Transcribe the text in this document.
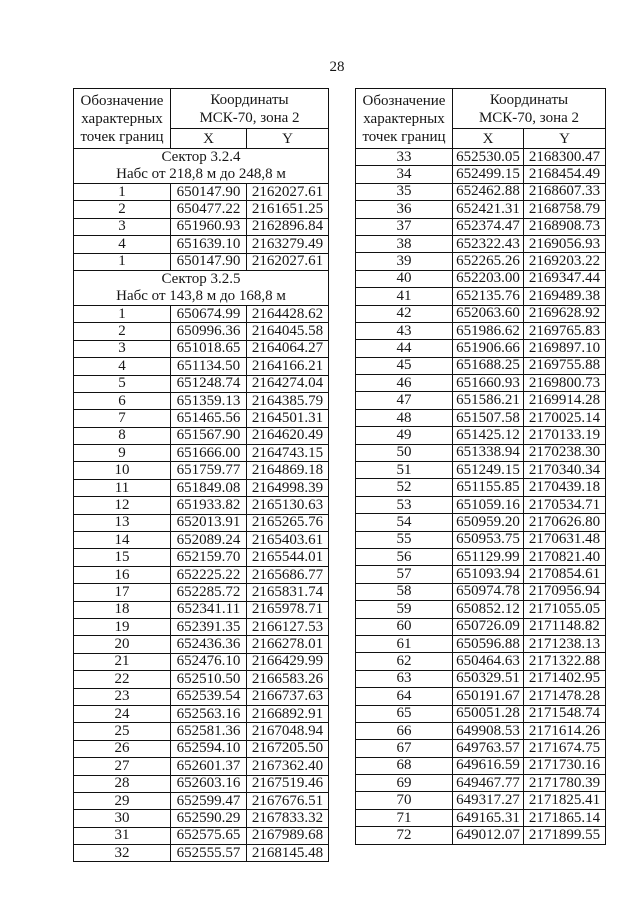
28
Обозначение характерных точек границ	Координаты
МСК-70, зона 2	

	X	Y

Сектор 3.2.4
Набс от 218,8 м до 248,8 м		

1	650147.90	2162027.61
2	650477.22	2161651.25
3	651960.93	2162896.84
4	651639.10	2163279.49
1	650147.90	2162027.61

Сектор 3.2.5
Набс от 143,8 м до 168,8 м		

1	650674.99	2164428.62
2	650996.36	2164045.58
3	651018.65	2164064.27
4	651134.50	2164166.21
5	651248.74	2164274.04
6	651359.13	2164385.79
7	651465.56	2164501.31
8	651567.90	2164620.49
9	651666.00	2164743.15
10	651759.77	2164869.18
11	651849.08	2164998.39
12	651933.82	2165130.63
13	652013.91	2165265.76
14	652089.24	2165403.61
15	652159.70	2165544.01
16	652225.22	2165686.77
17	652285.72	2165831.74
18	652341.11	2165978.71
19	652391.35	2166127.53
20	652436.36	2166278.01
21	652476.10	2166429.99
22	652510.50	2166583.26
23	652539.54	2166737.63
24	652563.16	2166892.91
25	652581.36	2167048.94
26	652594.10	2167205.50
27	652601.37	2167362.40
28	652603.16	2167519.46
29	652599.47	2167676.51
30	652590.29	2167833.32
31	652575.65	2167989.68
32	652555.57	2168145.48
Обозначение характерных точек границ	Координаты
МСК-70, зона 2	

	X	Y
33	652530.05	2168300.47
34	652499.15	2168454.49
35	652462.88	2168607.33
36	652421.31	2168758.79
37	652374.47	2168908.73
38	652322.43	2169056.93
39	652265.26	2169203.22
40	652203.00	2169347.44
41	652135.76	2169489.38
42	652063.60	2169628.92
43	651986.62	2169765.83
44	651906.66	2169897.10
45	651688.25	2169755.88
46	651660.93	2169800.73
47	651586.21	2169914.28
48	651507.58	2170025.14
49	651425.12	2170133.19
50	651338.94	2170238.30
51	651249.15	2170340.34
52	651155.85	2170439.18
53	651059.16	2170534.71
54	650959.20	2170626.80
55	650953.75	2170631.48
56	651129.99	2170821.40
57	651093.94	2170854.61
58	650974.78	2170956.94
59	650852.12	2171055.05
60	650726.09	2171148.82
61	650596.88	2171238.13
62	650464.63	2171322.88
63	650329.51	2171402.95
64	650191.67	2171478.28
65	650051.28	2171548.74
66	649908.53	2171614.26
67	649763.57	2171674.75
68	649616.59	2171730.16
69	649467.77	2171780.39
70	649317.27	2171825.41
71	649165.31	2171865.14
72	649012.07	2171899.55
